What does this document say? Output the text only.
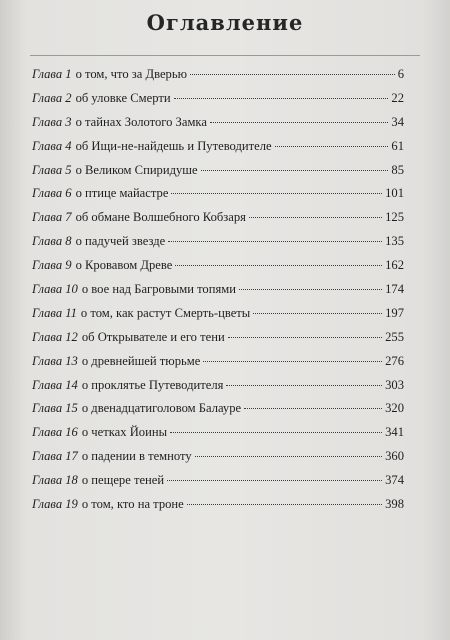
Оглавление
Глава 1 о том, что за Дверью	6
Глава 2 об уловке Смерти	22
Глава 3 о тайнах Золотого Замка	34
Глава 4 об Ищи-не-найдешь и Путеводителе	61
Глава 5 о Великом Спиридуше	85
Глава 6 о птице майастре	101
Глава 7 об обмане Волшебного Кобзаря	125
Глава 8 о падучей звезде	135
Глава 9 о Кровавом Древе	162
Глава 10 о вое над Багровыми топями	174
Глава 11 о том, как растут Смерть-цветы	197
Глава 12 об Открывателе и его тени	255
Глава 13 о древнейшей тюрьме	276
Глава 14 о проклятье Путеводителя	303
Глава 15 о двенадцатиголовом Балауре	320
Глава 16 о четках Йоины	341
Глава 17 о падении в темноту	360
Глава 18 о пещере теней	374
Глава 19 о том, кто на троне	398
